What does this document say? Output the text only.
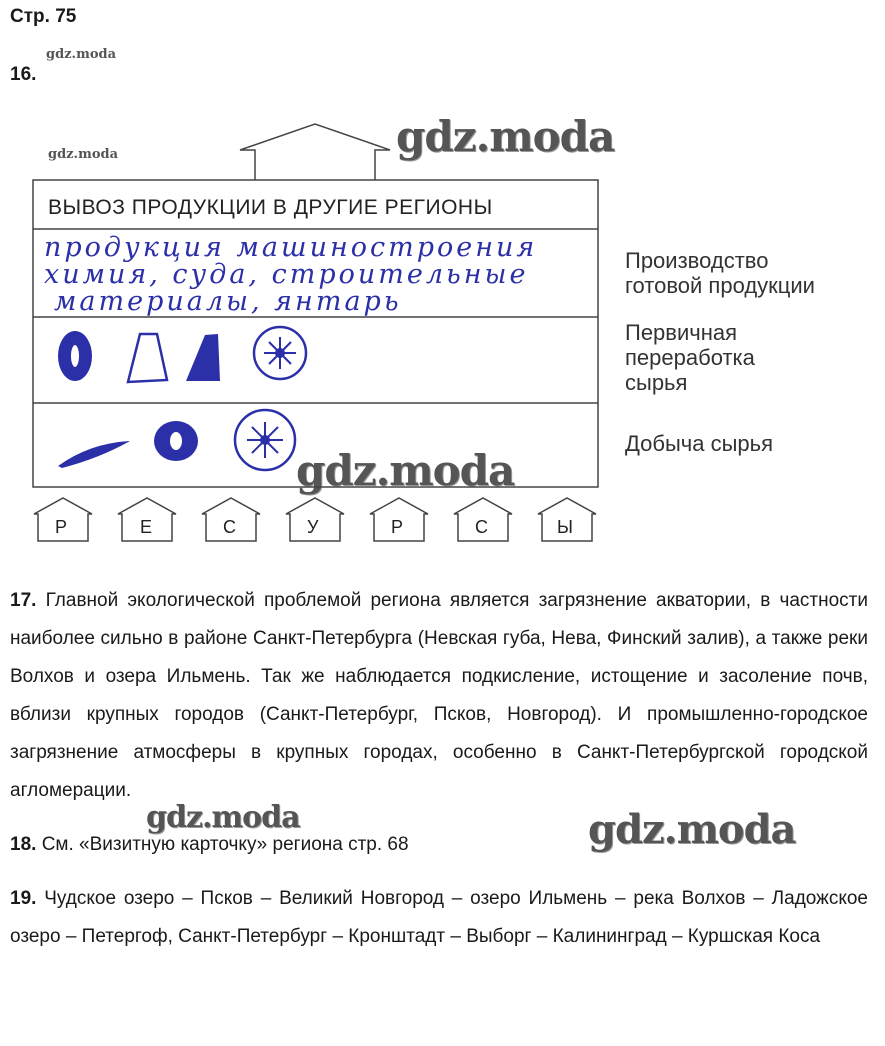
Стр. 75
16.
gdz.moda
gdz.moda	gdz.moda
gdz.moda
gdz.moda	gdz.moda
ВЫВОЗ ПРОДУКЦИИ В ДРУГИЕ РЕГИОНЫ
продукция машиностроения
химия, суда, строительные
материалы, янтарь
Р	Е	С	У	Р	С	Ы
Производство
готовой продукции
Первичная
переработка
сырья
Добыча сырья
17. Главной экологической проблемой региона является загрязнение акватории, в частности наиболее сильно в районе Санкт-Петербурга (Невская губа, Нева, Финский залив), а также реки Волхов и озера Ильмень. Так же наблюдается подкисление, истощение и засоление почв, вблизи крупных городов (Санкт-Петербург, Псков, Новгород). И промышленно-городское загрязнение атмосферы в крупных городах, особенно в Санкт-Петербургской городской агломерации.
18. См. «Визитную карточку» региона стр. 68
19. Чудское озеро – Псков – Великий Новгород – озеро Ильмень – река Волхов – Ладожское озеро – Петергоф, Санкт-Петербург – Кронштадт – Выборг – Калининград – Куршская Коса
